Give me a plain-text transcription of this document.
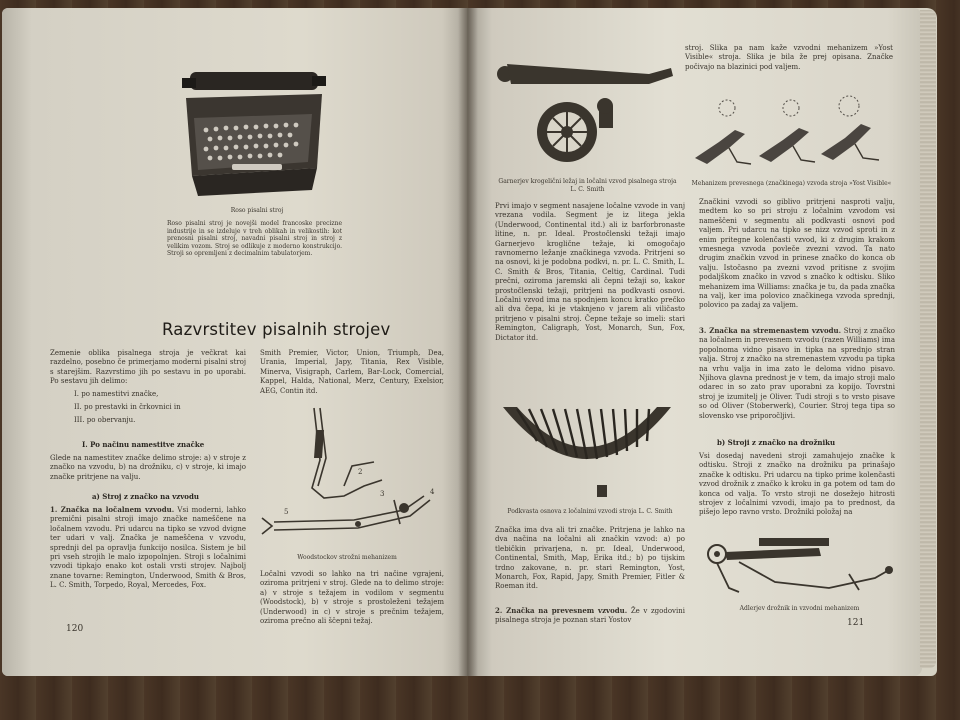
Roso pisalni stroj
Roso pisalni stroj je novejši model francoske precizne industrije in se izdeluje v treh oblikah in velikostih: kot prenosni pisalni stroj, navadni pisalni stroj in stroj z velikim vozom. Stroj se odlikuje z moderno konstrukcijo. Stroji so opremljeni z decimalnim tabulatorjem.
Razvrstitev pisalnih strojev
Zemenie oblika pisalnega stroja je večkrat kai razdelno, posebno če primerjamo moderni pisalni stroj s starejšim. Razvrstimo jih po sestavu in po uporabi. Po sestavu jih delimo:
Smith Premier, Victor, Union, Triumph, Dea, Urania, Imperial, Japy, Titania, Rex Visible, Minerva, Visigraph, Carlem, Bar-Lock, Comercial, Kappel, Halda, National, Merz, Century, Exelsior, AEG, Contin itd.
I. po namestitvi značke,
II. po prestavki in črkovnici in
III. po obervanju.
I. Po načinu namestitve značke
Glede na namestitev značke delimo stroje: a) v stroje z značko na vzvodu, b) na drožniku, c) v stroje, ki imajo značke pritrjene na valju.
a) Stroj z značko na vzvodu
1. Značka na ločalnem vzvodu. Vsi moderni, lahko premični pisalni stroji imajo značke nameščene na ločalnem vzvodu. Pri udarcu na tipko se vzvod dvigne ter udari v valj. Značka je nameščena v vzvodu, sprednji del pa opravlja funkcijo nosilca. Sistem je bil pri vseh strojih le malo izpopolnjen. Stroji s ločalnimi vzvodi tipkajo enako kot ostali vrsti strojev. Najbolj znane tovarne: Remington, Underwood, Smith & Bros, L. C. Smith, Torpedo, Royal, Mercedes, Fox.
2
3	4
5
Woodstockov strožni mehanizem
Ločalni vzvodi so lahko na tri načine vgrajeni, oziroma pritrjeni v stroj. Glede na to delimo stroje: a) v stroje s težajem in vodilom v segmentu (Woodstock), b) v stroje s prostoleženi težajem (Underwood) in c) v stroje s prečnim težajem, oziroma prečno ali ščepni težaj.
120
Garnerjev krogelični ležaj in ločalni vzvod pisalnega stroja L. C. Smith
stroj. Slika pa nam kaže vzvodni mehanizem »Yost Visible« stroja. Slika je bila že prej opisana. Značke počivajo na blazinici pod valjem.
Mehanizem prevesnega (značkinega) vzvoda stroja »Yost Visible«
Prvi imajo v segment nasajene ločalne vzvode in vanj vrezana vodila. Segment je iz litega jekla (Underwood, Continental itd.) ali iz barforbronaste litine, n. pr. Ideal. Prostočlenski težaji imajo Garnerjevo kroglične težaje, ki omogočajo ravnomerno ležanje značkinega vzvoda. Pritrjeni so na osnovi, ki je podobna podkvi, n. pr. L. C. Smith, L. C. Smith & Bros, Titania, Celtig, Cardinal. Tudi prečni, oziroma jaremski ali čepni težaji so, kakor prostočlenski težaji, pritrjeni na podkvasti osnovi. Ločalni vzvod ima na spodnjem koncu kratko prečko ali dva čepa, ki je vtaknjeno v jarem ali viličasto pritrjeno v pisalni stroj. Čepne težaje so imeli: stari Remington, Caligraph, Yost, Monarch, Sun, Fox, Dictator itd.
Podkvasta osnova z ločalnimi vzvodi stroja L. C. Smith
Značka ima dva ali tri značke. Pritrjena je lahko na dva načina na ločalni ali značkin vzvod: a) po tlebičkin privarjena, n. pr. Ideal, Underwood, Continental, Smith, Map, Erika itd.; b) po tijskim trdno zakovane, n. pr. stari Remington, Yost, Monarch, Fox, Rapid, Japy, Smith Premier, Fitler & Roeman itd.
2. Značka na prevesnem vzvodu. Že v zgodovini pisalnega stroja je poznan stari Yostov
Značkini vzvodi so giblivo pritrjeni nasproti valju, medtem ko so pri stroju z ločalnim vzvodom vsi nameščeni v segmentu ali podkvasti osnovi pod valjem. Pri udarcu na tipko se nizz vzvod sproti in z enim pritegne kolenčasti vzvod, ki z drugim krakom vmesnega vzvoda povleče zvezni vzvod. Ta nato drugim značkin vzvod in prinese značko do konca ob valju. Istočasno pa zvezni vzvod pritisne z svojim podaljškom značko in vzvod s značko k odtisku. Sliko mehanizem ima Williams: značka je tu, da pada značka na valj, ker ima polovico značkinega vzvoda sprednji, polovico pa zadaj za valjem.
3. Značka na stremenastem vzvodu. Stroj z značko na ločalnem in prevesnem vzvodu (razen Williams) ima popolnoma vidno pisavo in tipka na sprednjo stran valja. Stroj z značko na stremenastem vzvodu pa tipka na vrhu valja in ima zato le deloma vidno pisavo. Njihova glavna prednost je v tem, da imajo stroji malo odarec in so zato prav uporabni za kopijo. Tovrstni stroj je izumitelj je Oliver. Tudi stroji s to vrsto pisave so od Oliver (Stoberwerk), Courier. Stroj tega tipa so slovensko vse priporočljivi.
b) Stroji z značko na drožniku
Vsi dosedaj navedeni stroji zamahujejo značke k odtisku. Stroji z značko na drožniku pa prinašajo značke k odtisku. Pri udarcu na tipko prime kolenčasti vzvod drožnik z značko k kroku in ga potem od tam do konca od valja. To vrsto stroji ne dosežejo hitrosti strojev z ločalnimi vzvodi, imajo pa to prednost, da pišejo lepo ravno vrsto. Drožniki položaj na
Adlerjev drožnik in vzvodni mehanizem
121
